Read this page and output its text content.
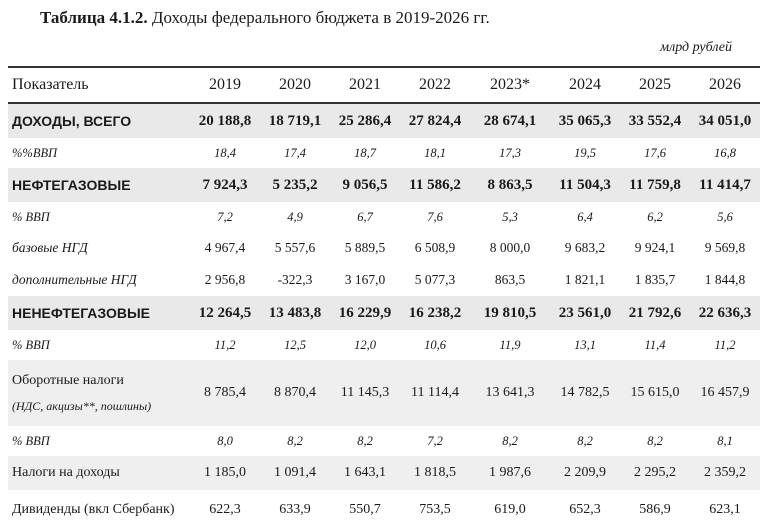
Таблица 4.1.2. Доходы федерального бюджета в 2019-2026 гг.
млрд рублей
Показатель	2019	2020	2021	2022	2023*	2024	2025	2026
ДОХОДЫ, ВСЕГО	20 188,8	18 719,1	25 286,4	27 824,4	28 674,1	35 065,3	33 552,4	34 051,0
%%ВВП	18,4	17,4	18,7	18,1	17,3	19,5	17,6	16,8
НЕФТЕГАЗОВЫЕ	7 924,3	5 235,2	9 056,5	11 586,2	8 863,5	11 504,3	11 759,8	11 414,7
% ВВП	7,2	4,9	6,7	7,6	5,3	6,4	6,2	5,6
базовые НГД	4 967,4	5 557,6	5 889,5	6 508,9	8 000,0	9 683,2	9 924,1	9 569,8
дополнительные НГД	2 956,8	-322,3	3 167,0	5 077,3	863,5	1 821,1	1 835,7	1 844,8
НЕНЕФТЕГАЗОВЫЕ	12 264,5	13 483,8	16 229,9	16 238,2	19 810,5	23 561,0	21 792,6	22 636,3
% ВВП	11,2	12,5	12,0	10,6	11,9	13,1	11,4	11,2

Оборотные налоги
(НДС, акцизы**, пошлины)	8 785,4	8 870,4	11 145,3	11 114,4	13 641,3	14 782,5	15 615,0	16 457,9
% ВВП	8,0	8,2	8,2	7,2	8,2	8,2	8,2	8,1
Налоги на доходы	1 185,0	1 091,4	1 643,1	1 818,5	1 987,6	2 209,9	2 295,2	2 359,2
Дивиденды (вкл Сбербанк)	622,3	633,9	550,7	753,5	619,0	652,3	586,9	623,1
